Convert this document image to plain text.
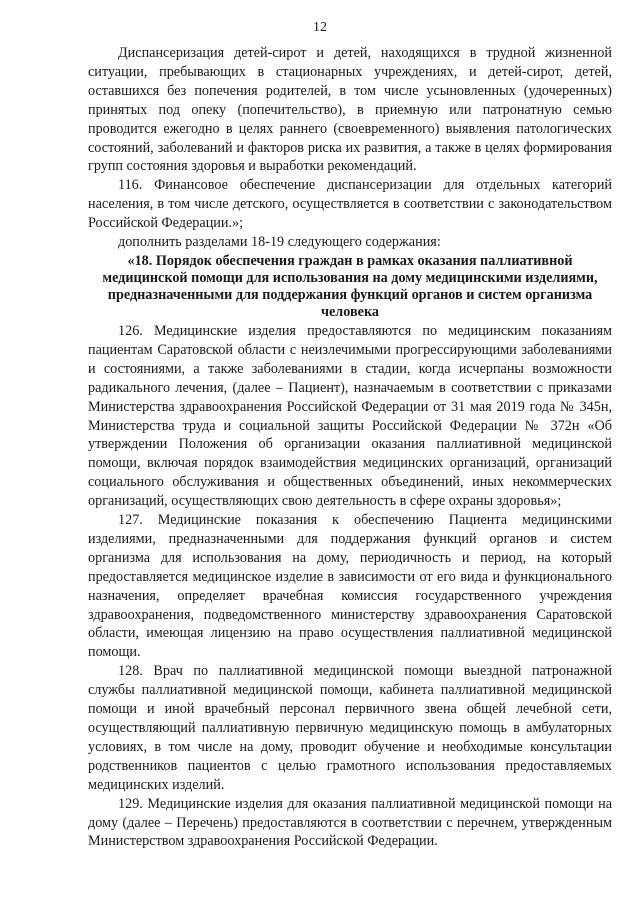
12

Диспансеризация детей-сирот и детей, находящихся в трудной жизненной ситуации, пребывающих в стационарных учреждениях, и детей-сирот, детей, оставшихся без попечения родителей, в том числе усыновленных (удочеренных) принятых под опеку (попечительство), в приемную или патронатную семью проводится ежегодно в целях раннего (своевременного) выявления патологических состояний, заболеваний и факторов риска их развития, а также в целях формирования групп состояния здоровья и выработки рекомендаций.

116. Финансовое обеспечение диспансеризации для отдельных категорий населения, в том числе детского, осуществляется в соответствии с законодательством Российской Федерации.»;

дополнить разделами 18-19 следующего содержания:

«18. Порядок обеспечения граждан в рамках оказания паллиативной медицинской помощи для использования на дому медицинскими изделиями, предназначенными для поддержания функций органов и систем организма человека

126. Медицинские изделия предоставляются по медицинским показаниям пациентам Саратовской области с неизлечимыми прогрессирующими заболеваниями и состояниями, а также заболеваниями в стадии, когда исчерпаны возможности радикального лечения, (далее – Пациент), назначаемым в соответствии с приказами Министерства здравоохранения Российской Федерации от 31 мая 2019 года № 345н, Министерства труда и социальной защиты Российской Федерации № 372н «Об утверждении Положения об организации оказания паллиативной медицинской помощи, включая порядок взаимодействия медицинских организаций, организаций социального обслуживания и общественных объединений, иных некоммерческих организаций, осуществляющих свою деятельность в сфере охраны здоровья»;

127. Медицинские показания к обеспечению Пациента медицинскими изделиями, предназначенными для поддержания функций органов и систем организма для использования на дому, периодичность и период, на который предоставляется медицинское изделие в зависимости от его вида и функционального назначения, определяет врачебная комиссия государственного учреждения здравоохранения, подведомственного министерству здравоохранения Саратовской области, имеющая лицензию на право осуществления паллиативной медицинской помощи.

128. Врач по паллиативной медицинской помощи выездной патронажной службы паллиативной медицинской помощи, кабинета паллиативной медицинской помощи и иной врачебный персонал первичного звена общей лечебной сети, осуществляющий паллиативную первичную медицинскую помощь в амбулаторных условиях, в том числе на дому, проводит обучение и необходимые консультации родственников пациентов с целью грамотного использования предоставляемых медицинских изделий.

129. Медицинские изделия для оказания паллиативной медицинской помощи на дому (далее – Перечень) предоставляются в соответствии с перечнем, утвержденным Министерством здравоохранения Российской Федерации.
